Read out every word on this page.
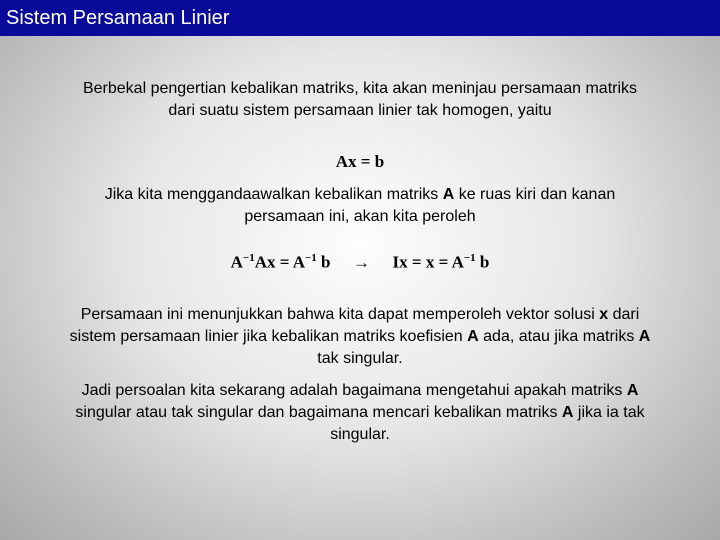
Sistem Persamaan Linier
Berbekal pengertian kebalikan matriks, kita akan meninjau persamaan matriks dari suatu sistem persamaan linier tak homogen, yaitu
Ax = b
Jika kita menggandaawalkan kebalikan matriks A ke ruas kiri dan kanan persamaan ini, akan kita peroleh
$A^{-1}Ax = A^{-1}$ $b \to Ix = x = A^{-1}$ b
Persamaan ini menunjukkan bahwa kita dapat memperoleh vektor solusi x dari sistem persamaan linier jika kebalikan matriks koefisien A ada, atau jika matriks A tak singular.
Jadi persoalan kita sekarang adalah bagaimana mengetahui apakah matriks A singular atau tak singular dan bagaimana mencari kebalikan matriks A jika ia tak singular.
